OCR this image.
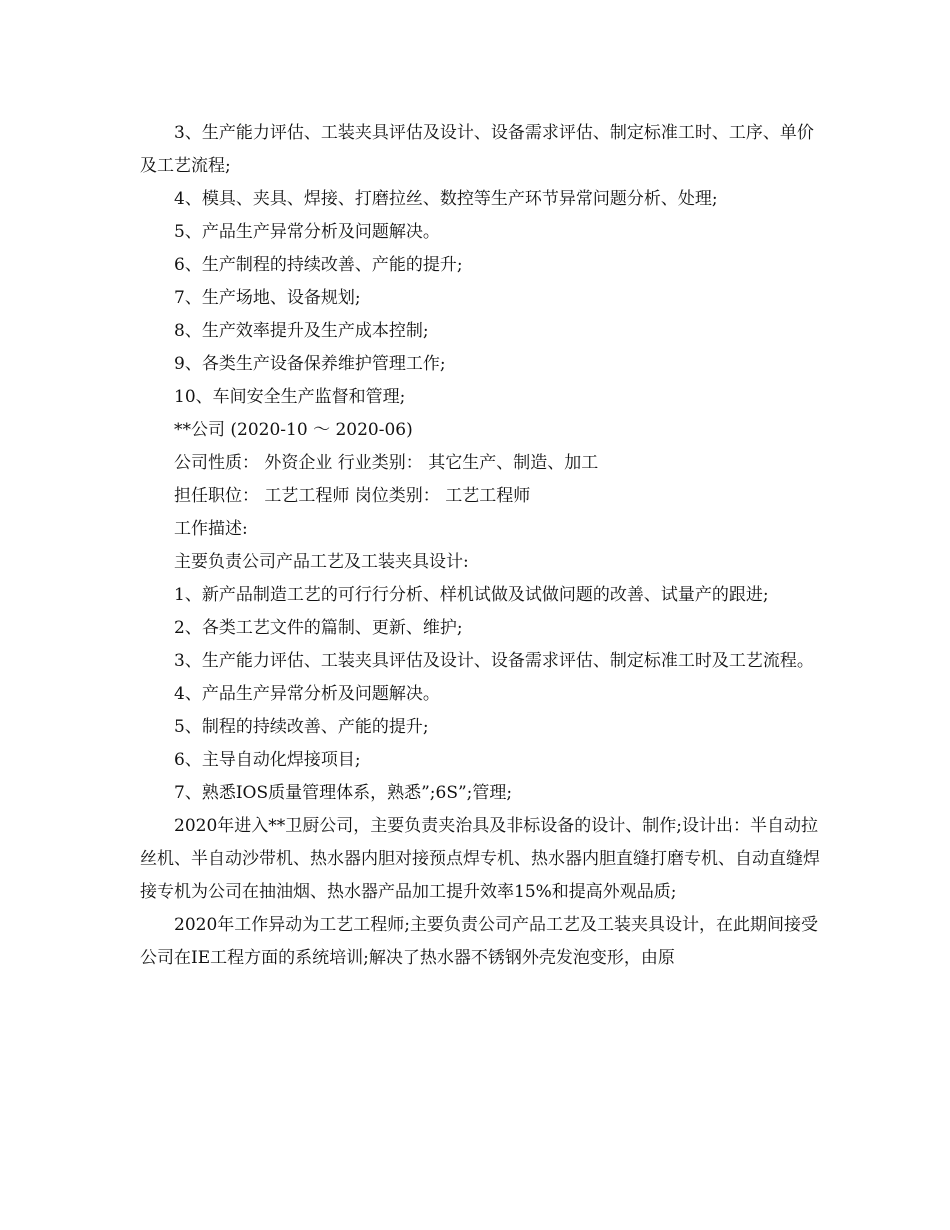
3、生产能力评估、工装夹具评估及设计、设备需求评估、制定标准工时、工序、单价及工艺流程;

4、模具、夹具、焊接、打磨拉丝、数控等生产环节异常问题分析、处理;

5、产品生产异常分析及问题解决。

6、生产制程的持续改善、产能的提升;

7、生产场地、设备规划;

8、生产效率提升及生产成本控制;

9、各类生产设备保养维护管理工作;

10、车间安全生产监督和管理;

**公司 (2020-10 ～ 2020-06)

公司性质： 外资企业 行业类别： 其它生产、制造、加工

担任职位： 工艺工程师 岗位类别： 工艺工程师

工作描述:

主要负责公司产品工艺及工装夹具设计:

1、新产品制造工艺的可行行分析、样机试做及试做问题的改善、试量产的跟进;

2、各类工艺文件的篇制、更新、维护;

3、生产能力评估、工装夹具评估及设计、设备需求评估、制定标准工时及工艺流程。

4、产品生产异常分析及问题解决。

5、制程的持续改善、产能的提升;

6、主导自动化焊接项目;

7、熟悉IOS质量管理体系，熟悉”;6S”;管理;

2020年进入**卫厨公司，主要负责夹治具及非标设备的设计、制作;设计出：半自动拉丝机、半自动沙带机、热水器内胆对接预点焊专机、热水器内胆直缝打磨专机、自动直缝焊接专机为公司在抽油烟、热水器产品加工提升效率15%和提高外观品质;

2020年工作异动为工艺工程师;主要负责公司产品工艺及工装夹具设计，在此期间接受公司在IE工程方面的系统培训;解决了热水器不锈钢外壳发泡变形，由原
